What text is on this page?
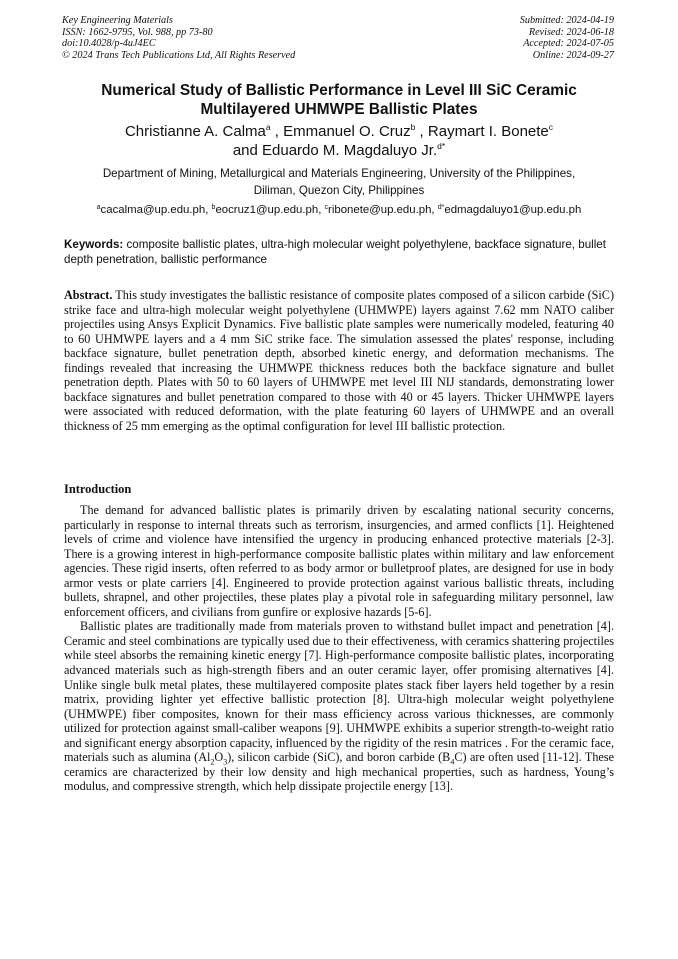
Key Engineering Materials
ISSN: 1662-9795, Vol. 988, pp 73-80
doi:10.4028/p-4uJ4EC
© 2024 Trans Tech Publications Ltd, All Rights Reserved
Submitted: 2024-04-19
Revised: 2024-06-18
Accepted: 2024-07-05
Online: 2024-09-27
Numerical Study of Ballistic Performance in Level III SiC Ceramic
Multilayered UHMWPE Ballistic Plates
Christianne A. Calma$^a$ , Emmanuel O. Cruz$^b$ , Raymart I. Bonete$^c$
and Eduardo M. Magdaluyo Jr.$^{d*}$
Department of Mining, Metallurgical and Materials Engineering, University of the Philippines,
Diliman, Quezon City, Philippines
$^a$cacalma@up.edu.ph, $^b$eocruz1@up.edu.ph, $^c$ribonete@up.edu.ph, $^{d*}$edmagdaluyo1@up.edu.ph
Keywords: composite ballistic plates, ultra-high molecular weight polyethylene, backface signature, bullet depth penetration, ballistic performance
Abstract. This study investigates the ballistic resistance of composite plates composed of a silicon carbide (SiC) strike face and ultra-high molecular weight polyethylene (UHMWPE) layers against 7.62 mm NATO caliber projectiles using Ansys Explicit Dynamics. Five ballistic plate samples were numerically modeled, featuring 40 to 60 UHMWPE layers and a 4 mm SiC strike face. The simulation assessed the plates' response, including backface signature, bullet penetration depth, absorbed kinetic energy, and deformation mechanisms. The findings revealed that increasing the UHMWPE thickness reduces both the backface signature and bullet penetration depth. Plates with 50 to 60 layers of UHMWPE met level III NIJ standards, demonstrating lower backface signatures and bullet penetration compared to those with 40 or 45 layers. Thicker UHMWPE layers were associated with reduced deformation, with the plate featuring 60 layers of UHMWPE and an overall thickness of 25 mm emerging as the optimal configuration for level III ballistic protection.
Introduction

The demand for advanced ballistic plates is primarily driven by escalating national security concerns, particularly in response to internal threats such as terrorism, insurgencies, and armed conflicts [1]. Heightened levels of crime and violence have intensified the urgency in producing enhanced protective materials [2-3]. There is a growing interest in high-performance composite ballistic plates within military and law enforcement agencies. These rigid inserts, often referred to as body armor or bulletproof plates, are designed for use in body armor vests or plate carriers [4]. Engineered to provide protection against various ballistic threats, including bullets, shrapnel, and other projectiles, these plates play a pivotal role in safeguarding military personnel, law enforcement officers, and civilians from gunfire or explosive hazards [5-6].

Ballistic plates are traditionally made from materials proven to withstand bullet impact and penetration [4]. Ceramic and steel combinations are typically used due to their effectiveness, with ceramics shattering projectiles while steel absorbs the remaining kinetic energy [7]. High-performance composite ballistic plates, incorporating advanced materials such as high-strength fibers and an outer ceramic layer, offer promising alternatives [4]. Unlike single bulk metal plates, these multilayered composite plates stack fiber layers held together by a resin matrix, providing lighter yet effective ballistic protection [8]. Ultra-high molecular weight polyethylene (UHMWPE) fiber composites, known for their mass efficiency across various thicknesses, are commonly utilized for protection against small-caliber weapons [9]. UHMWPE exhibits a superior strength-to-weight ratio and significant energy absorption capacity, influenced by the rigidity of the resin matrices . For the ceramic face, materials such as alumina $(Al_2O_3)$, silicon carbide (SiC), and boron carbide $(B_4C)$ are often used [11-12]. These ceramics are characterized by their low density and high mechanical properties, such as hardness, Young’s modulus, and compressive strength, which help dissipate projectile energy [13].
